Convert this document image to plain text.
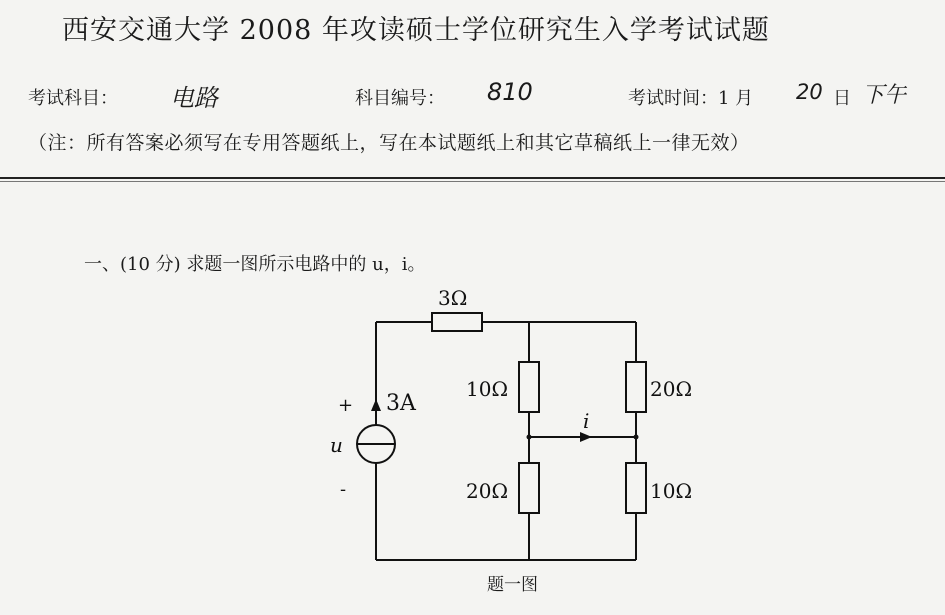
西安交通大学 2008 年攻读硕士学位研究生入学考试试题
考试科目： 电路	科目编号： 810	考试时间：1 月 20 日 下午
（注：所有答案必须写在专用答题纸上，写在本试题纸上和其它草稿纸上一律无效）
一、(10 分) 求题一图所示电路中的 u，i。
3Ω
10Ω
20Ω
20Ω
10Ω
3A
+
-
u
i
题一图
